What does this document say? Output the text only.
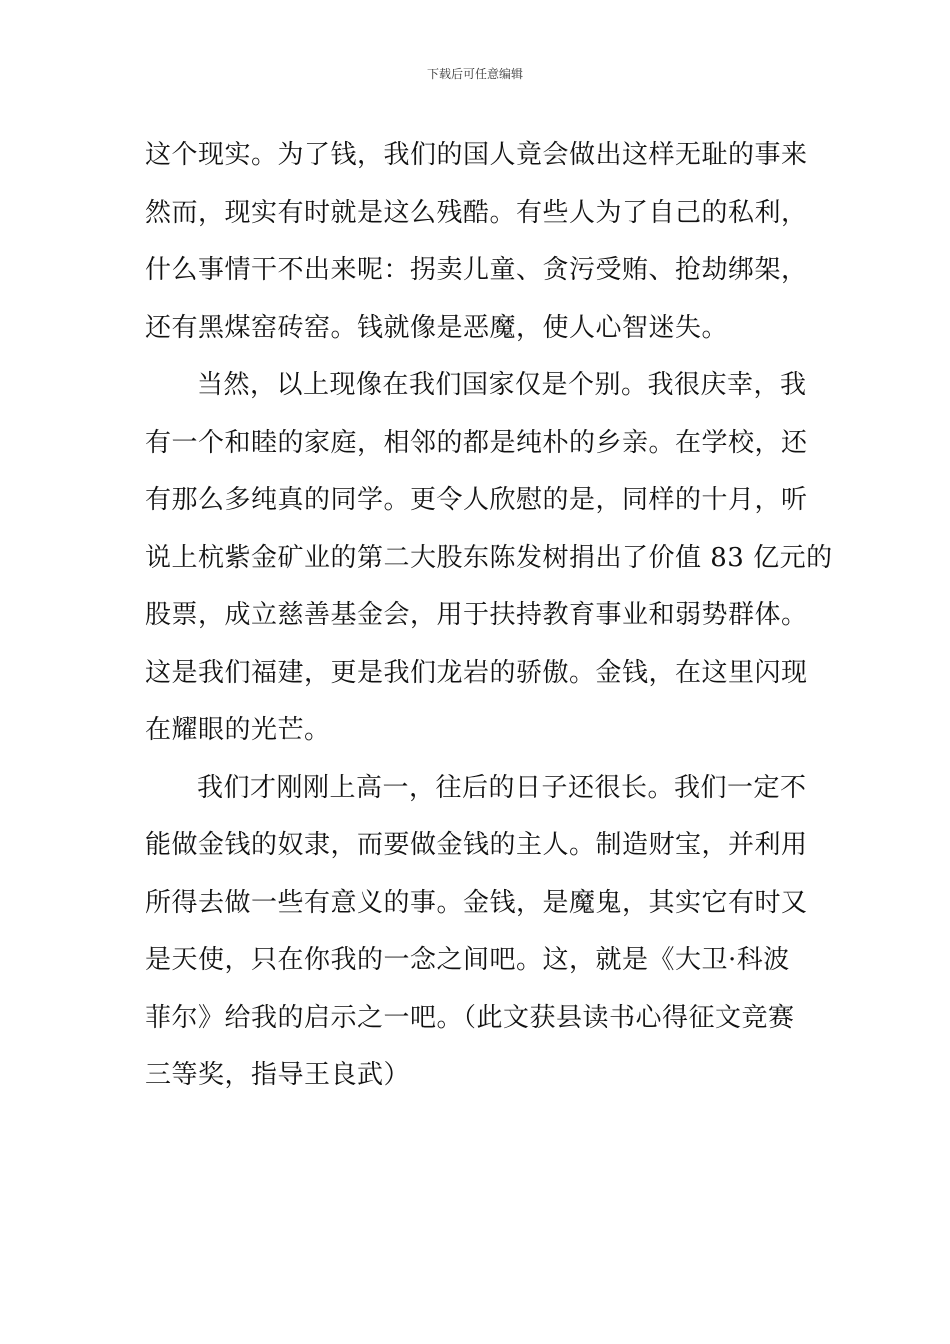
下载后可任意编辑
这个现实。为了钱，我们的国人竟会做出这样无耻的事来
然而，现实有时就是这么残酷。有些人为了自己的私利，
什么事情干不出来呢：拐卖儿童、贪污受贿、抢劫绑架，
还有黑煤窑砖窑。钱就像是恶魔，使人心智迷失。
当然，以上现像在我们国家仅是个别。我很庆幸，我
有一个和睦的家庭，相邻的都是纯朴的乡亲。在学校，还
有那么多纯真的同学。更令人欣慰的是，同样的十月，听
说上杭紫金矿业的第二大股东陈发树捐出了价值 83 亿元的
股票，成立慈善基金会，用于扶持教育事业和弱势群体。
这是我们福建，更是我们龙岩的骄傲。金钱，在这里闪现
在耀眼的光芒。
我们才刚刚上高一，往后的日子还很长。我们一定不
能做金钱的奴隶，而要做金钱的主人。制造财宝，并利用
所得去做一些有意义的事。金钱，是魔鬼，其实它有时又
是天使，只在你我的一念之间吧。这，就是《大卫·科波
菲尔》给我的启示之一吧。（此文获县读书心得征文竞赛
三等奖，指导王良武）
